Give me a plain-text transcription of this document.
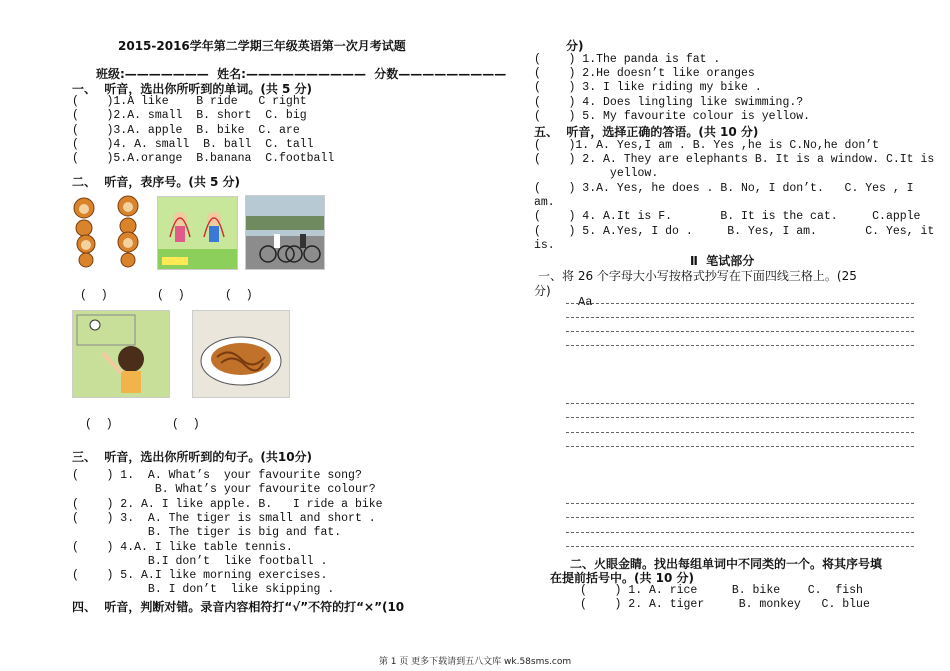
2015-2016学年第二学期三年级英语第一次月考试题
班级:———————  姓名:——————————  分数—————————
一、  听音，选出你所听到的单词。(共 5 分)
(    )1.A like    B ride   C right
(    )2.A. small  B. short  C. big
(    )3.A. apple  B. bike  C. are
(    )4. A. small  B. ball  C. tall
(    )5.A.orange  B.banana  C.football
二、  听音，表序号。(共 5 分)
(  )	(  )	(  )
(  )	(  )
三、  听音，选出你所听到的句子。(共10分)
(    ) 1.  A. What’s  your favourite song?
B. What’s your favourite colour?
(    ) 2. A. I like apple. B.   I ride a bike
(    ) 3.  A. The tiger is small and short .
B. The tiger is big and fat.
(    ) 4.A. I like table tennis.
B.I don’t  like football .
(    ) 5. A.I like morning exercises.
B. I don’t  like skipping .
四、  听音，判断对错。录音内容相符打“√”不符的打“×”(10
分)
(    ) 1.The panda is fat .
(    ) 2.He doesn’t like oranges
(    ) 3. I like riding my bike .
(    ) 4. Does lingling like swimming.?
(    ) 5. My favourite colour is yellow.
五、  听音，选择正确的答语。(共 10 分)
(    )1. A. Yes,I am . B. Yes ,he is C.No,he don’t
(    ) 2. A. They are elephants B. It is a window. C.It is
yellow.
(    ) 3.A. Yes, he does . B. No, I don’t.   C. Yes , I
am.
(    ) 4. A.It is F.       B. It is the cat.     C.apple
(    ) 5. A.Yes, I do .     B. Yes, I am.       C. Yes, it
is.
Ⅱ  笔试部分
一、将 26 个字母大小写按格式抄写在下面四线三格上。(25
分)
Aa
二、火眼金睛。找出每组单词中不同类的一个。将其序号填
在提前括号中。(共 10 分)
(    ) 1. A. rice     B. bike    C.  fish
(    ) 2. A. tiger     B. monkey   C. blue
第 1 页 更多下载请到五八文库 wk.58sms.com
